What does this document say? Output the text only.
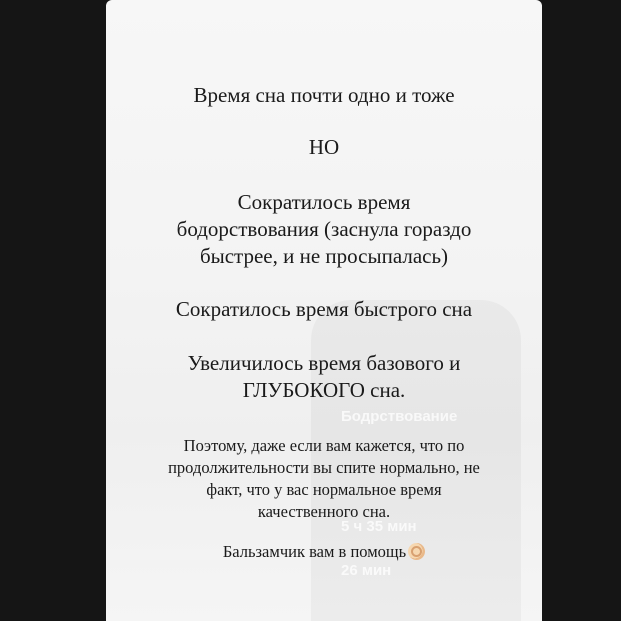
Бодрствование
5 ч 35 мин
26 мин
Время сна почти одно и тоже
НО
Сократилось время
бодорствования (заснула гораздо
быстрее, и не просыпалась)
Сократилось время быстрого сна
Увеличилось время базового и
ГЛУБОКОГО сна.
Поэтому, даже если вам кажется, что по
продолжительности вы спите нормально, не
факт, что у вас нормальное время
качественного сна.
Бальзамчик вам в помощь
